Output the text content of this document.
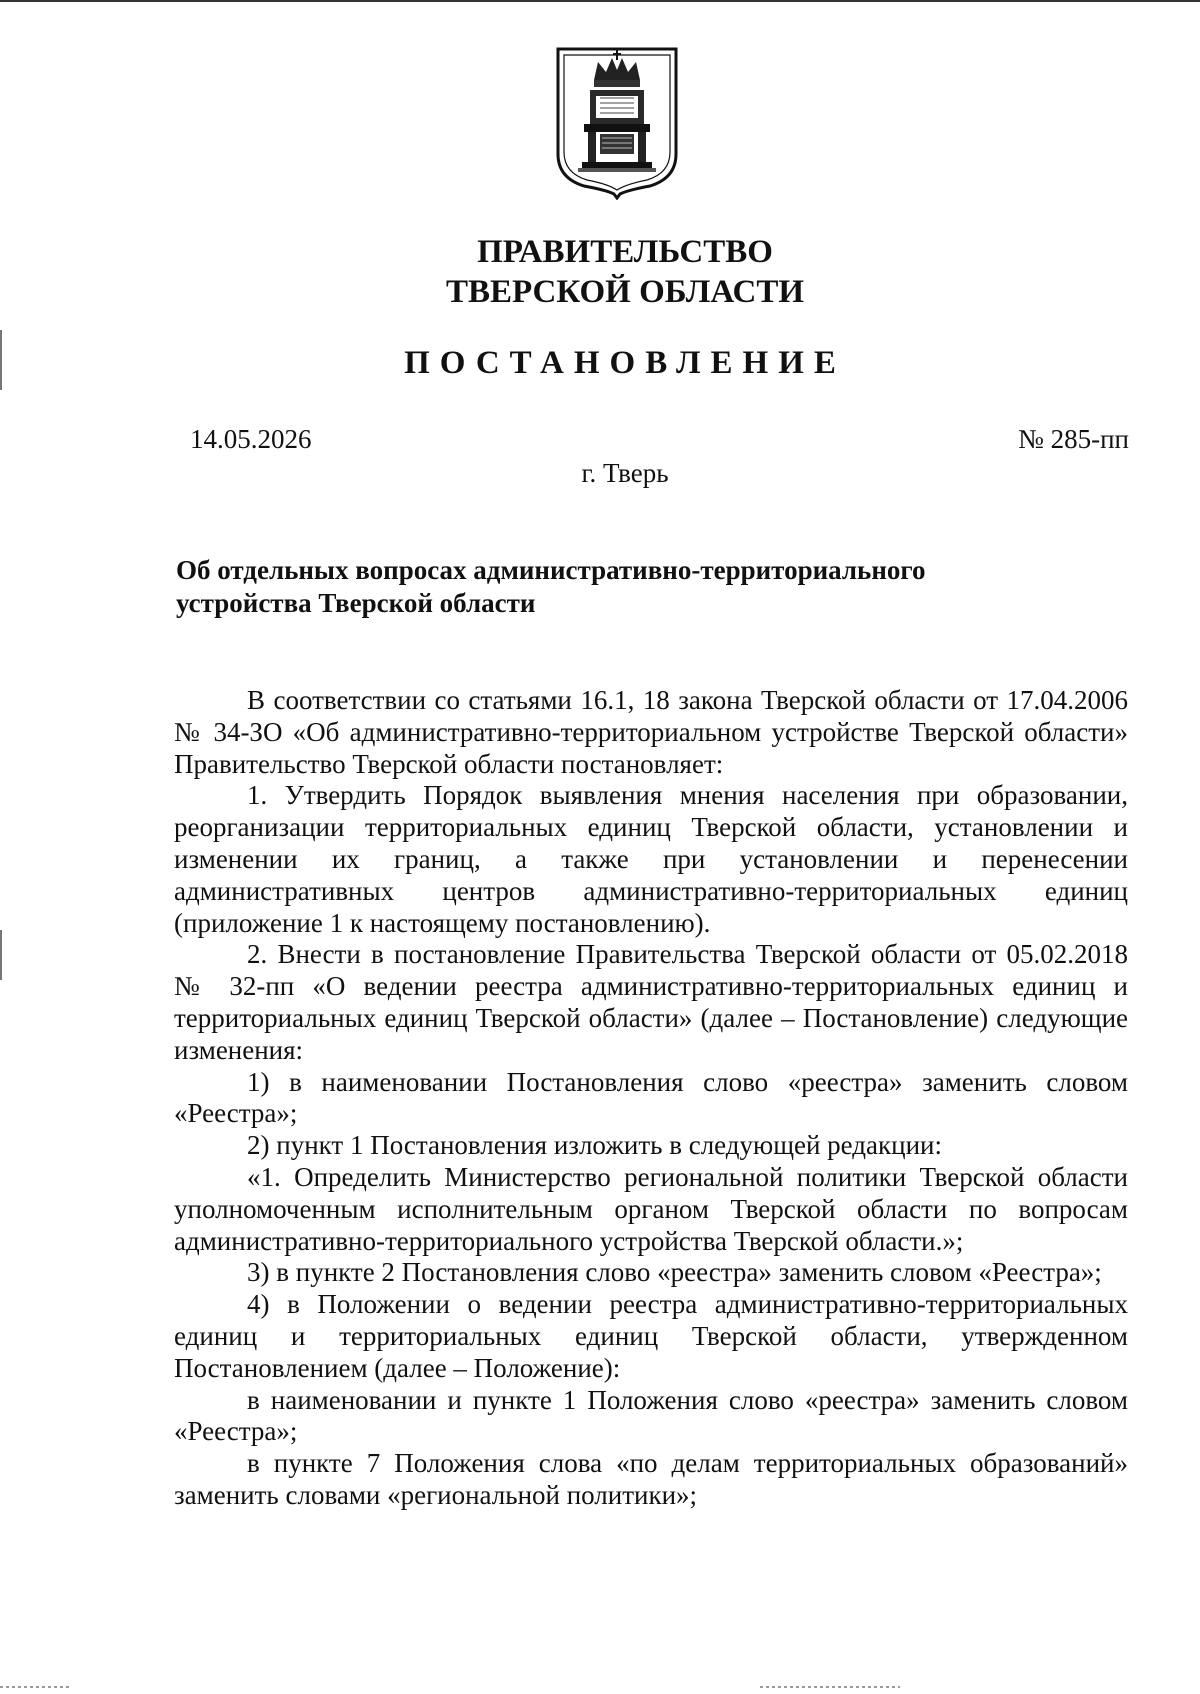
ПРАВИТЕЛЬСТВО
ТВЕРСКОЙ ОБЛАСТИ
ПОСТАНОВЛЕНИЕ
14.05.2026	№ 285-пп
г. Тверь
Об отдельных вопросах административно-территориального
устройства Тверской области

В соответствии со статьями 16.1, 18 закона Тверской области от 17.04.2006 № 34-ЗО «Об административно-территориальном устройстве Тверской области» Правительство Тверской области постановляет:

1. Утвердить Порядок выявления мнения населения при образовании, реорганизации территориальных единиц Тверской области, установлении и изменении их границ, а также при установлении и перенесении административных центров административно-территориальных единиц (приложение 1 к настоящему постановлению).

2. Внести в постановление Правительства Тверской области от 05.02.2018 № 32-пп «О ведении реестра административно-территориальных единиц и территориальных единиц Тверской области» (далее – Постановление) следующие изменения:

1) в наименовании Постановления слово «реестра» заменить словом «Реестра»;

2) пункт 1 Постановления изложить в следующей редакции:

«1. Определить Министерство региональной политики Тверской области уполномоченным исполнительным органом Тверской области по вопросам административно-территориального устройства Тверской области.»;

3) в пункте 2 Постановления слово «реестра» заменить словом «Реестра»;

4) в Положении о ведении реестра административно-территориальных единиц и территориальных единиц Тверской области, утвержденном Постановлением (далее – Положение):

в наименовании и пункте 1 Положения слово «реестра» заменить словом «Реестра»;

в пункте 7 Положения слова «по делам территориальных образований» заменить словами «региональной политики»;
